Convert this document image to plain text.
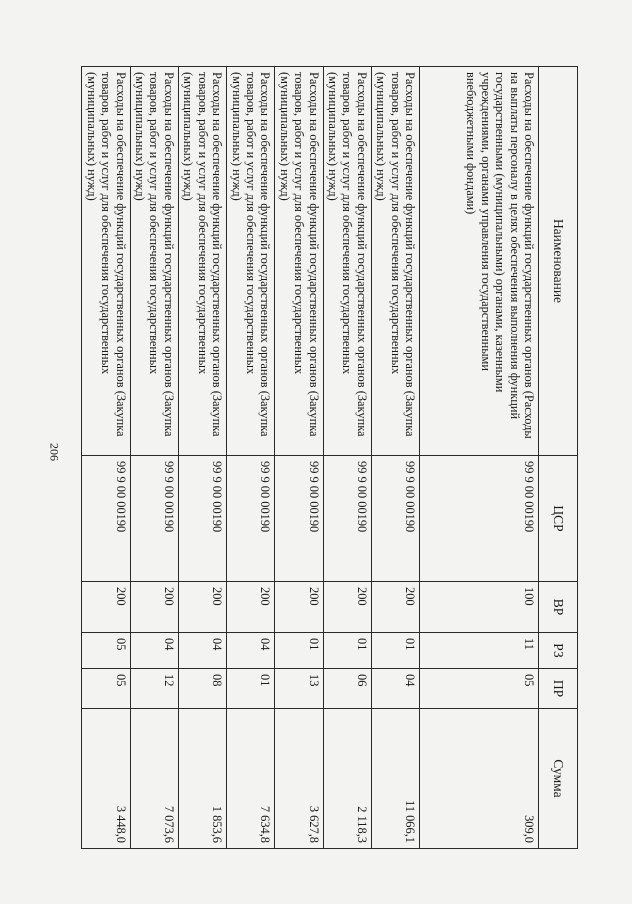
206
Наименование	ЦСР	ВР	РЗ	ПР	Сумма
Расходы на обеспечение функций государственных органов (Расходы на выплаты персоналу в целях обеспечения выполнения функций государственными (муниципальными) органами, казенными учреждениями, органами управления государственными внебюджетными фондами)	99 9 00 00190	100	11	05	309,0
Расходы на обеспечение функций государственных органов (Закупка товаров, работ и услуг для обеспечения государственных (муниципальных) нужд)	99 9 00 00190	200	01	04	11 066,1
Расходы на обеспечение функций государственных органов (Закупка товаров, работ и услуг для обеспечения государственных (муниципальных) нужд)	99 9 00 00190	200	01	06	2 118,3
Расходы на обеспечение функций государственных органов (Закупка товаров, работ и услуг для обеспечения государственных (муниципальных) нужд)	99 9 00 00190	200	01	13	3 627,8
Расходы на обеспечение функций государственных органов (Закупка товаров, работ и услуг для обеспечения государственных (муниципальных) нужд)	99 9 00 00190	200	04	01	7 634,8
Расходы на обеспечение функций государственных органов (Закупка товаров, работ и услуг для обеспечения государственных (муниципальных) нужд)	99 9 00 00190	200	04	08	1 853,6
Расходы на обеспечение функций государственных органов (Закупка товаров, работ и услуг для обеспечения государственных (муниципальных) нужд)	99 9 00 00190	200	04	12	7 073,6
Расходы на обеспечение функций государственных органов (Закупка товаров, работ и услуг для обеспечения государственных (муниципальных) нужд)	99 9 00 00190	200	05	05	3 448,0
